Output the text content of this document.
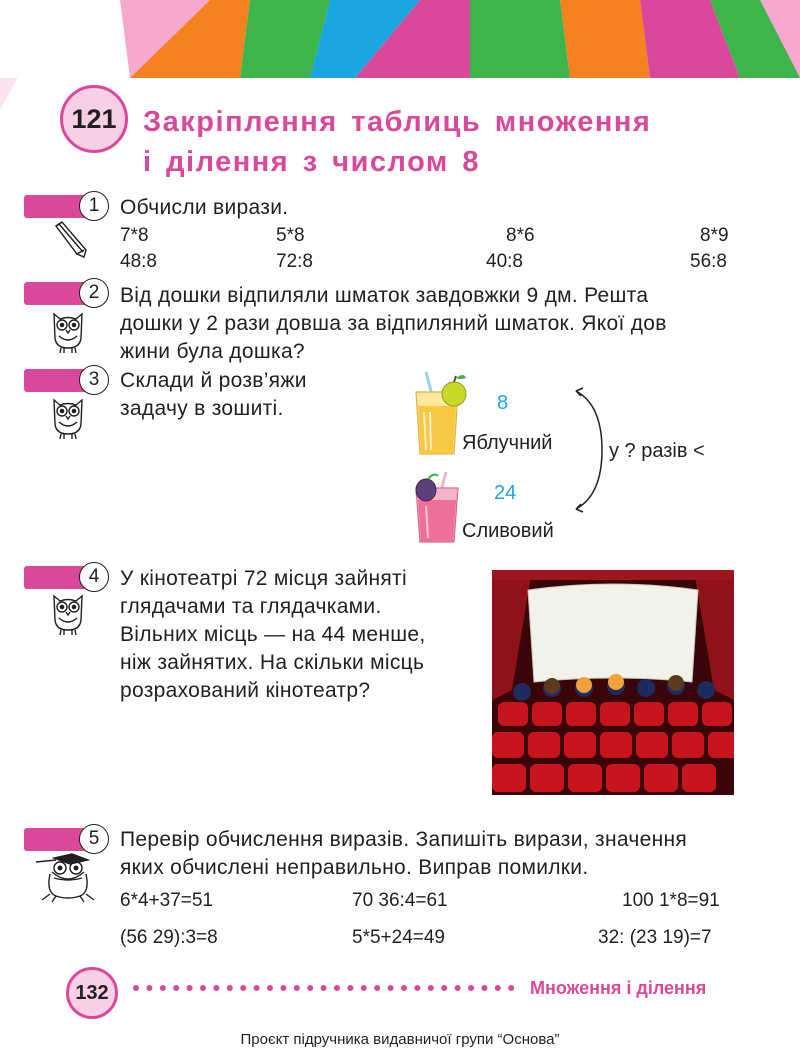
121 Закріплення таблиць множення
і ділення з числом 8
1 Обчисли вирази.
7*8	5*8	8*6	8*9
48:8	72:8	40:8	56:8
2 Від дошки відпиляли шматок завдовжки 9 дм. Решта
дошки у 2 рази довша за відпиляний шматок. Якої дов
жини була дошка?
3 Склади й розв’яжи
задачу в зошиті.	8
Яблучний
24
Сливовий
у ? разів <
4 У кінотеатрі 72 місця зайняті
глядачами та глядачками.
Вільних місць — на 44 менше,
ніж зайнятих. На скільки місць
розрахований кінотеатр?
5 Перевір обчислення виразів. Запишіть вирази, значення
яких обчислені неправильно. Виправ помилки.
6*4+37=51	70 36:4=61	100 1*8=91
(56 29):3=8	5*5+24=49	32: (23 19)=7
132	Множення і ділення
Проєкт підручника видавничої групи “Основа”
